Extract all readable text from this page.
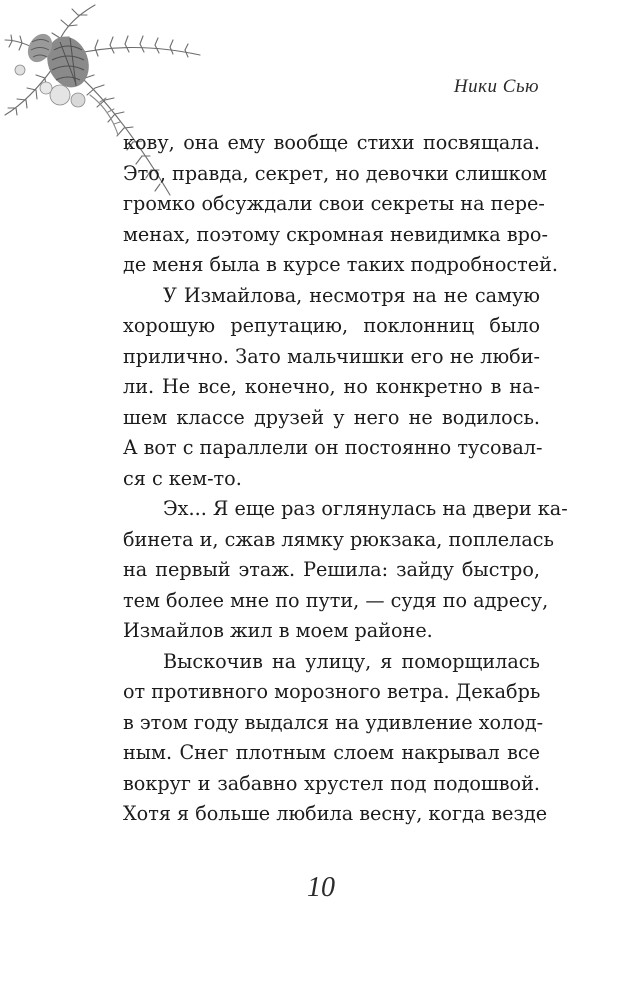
Ники Сью
кову, она ему вообще стихи посвящала.
Это, правда, секрет, но девочки слишком
громко обсуждали свои секреты на пере-
менах, поэтому скромная невидимка вро-
де меня была в курсе таких подробностей.
У Измайлова, несмотря на не самую
хорошую репутацию, поклонниц было
прилично. Зато мальчишки его не люби-
ли. Не все, конечно, но конкретно в на-
шем классе друзей у него не водилось.
А вот с параллели он постоянно тусовал-
ся с кем-то.
Эх... Я еще раз оглянулась на двери ка-
бинета и, сжав лямку рюкзака, поплелась
на первый этаж. Решила: зайду быстро,
тем более мне по пути, — судя по адресу,
Измайлов жил в моем районе.
Выскочив на улицу, я поморщилась
от противного морозного ветра. Декабрь
в этом году выдался на удивление холод-
ным. Снег плотным слоем накрывал все
вокруг и забавно хрустел под подошвой.
Хотя я больше любила весну, когда везде
10
